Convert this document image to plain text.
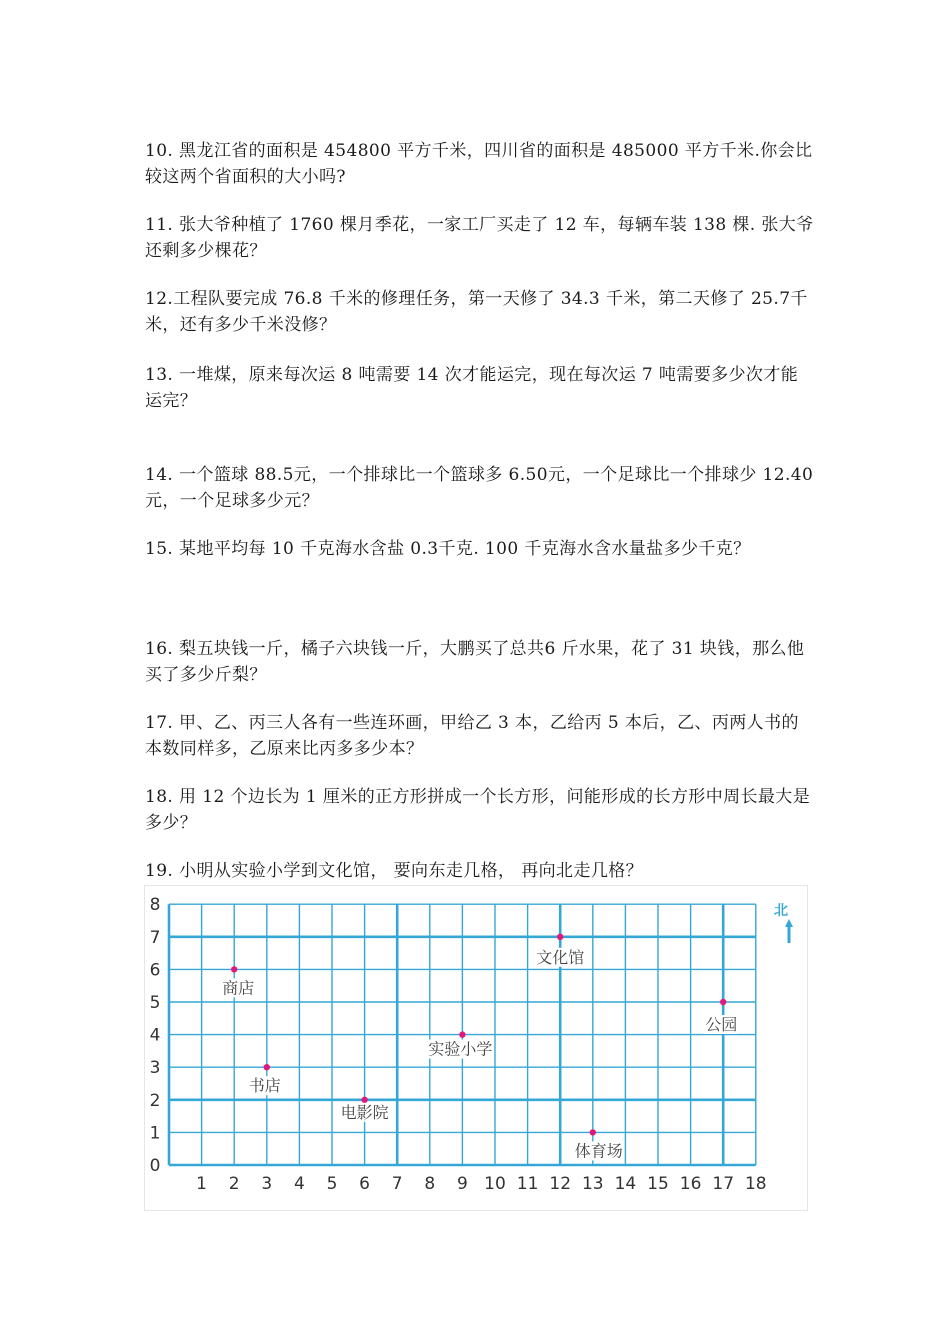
10. 黑龙江省的面积是 454800 平方千米，四川省的面积是 485000 平方千米.你会比较这两个省面积的大小吗?

11. 张大爷种植了 1760 棵月季花，一家工厂买走了 12 车，每辆车装 138 棵. 张大爷还剩多少棵花？

12.工程队要完成 76.8 千米的修理任务，第一天修了 34.3 千米，第二天修了 25.7千米，还有多少千米没修？

13. 一堆煤，原来每次运 8 吨需要 14 次才能运完，现在每次运 7 吨需要多少次才能运完？

14. 一个篮球 88.5元，一个排球比一个篮球多 6.50元，一个足球比一个排球少 12.40元，一个足球多少元？

15. 某地平均每 10 千克海水含盐 0.3千克. 100 千克海水含水量盐多少千克？

16. 梨五块钱一斤，橘子六块钱一斤，大鹏买了总共6 斤水果，花了 31 块钱，那么他买了多少斤梨？

17. 甲、乙、丙三人各有一些连环画，甲给乙 3 本，乙给丙 5 本后，乙、丙两人书的本数同样多，乙原来比丙多多少本？

18. 用 12 个边长为 1 厘米的正方形拼成一个长方形，问能形成的长方形中周长最大是多少？

19. 小明从实验小学到文化馆， 要向东走几格， 再向北走几格？

0
1
2
3
4
5
6
7
8
1 2 3 4 5 6 7 8 9 10 11 12 13 14 15 16 17 18
商店
书店
电影院
实验小学
文化馆
体育场
公园
北
